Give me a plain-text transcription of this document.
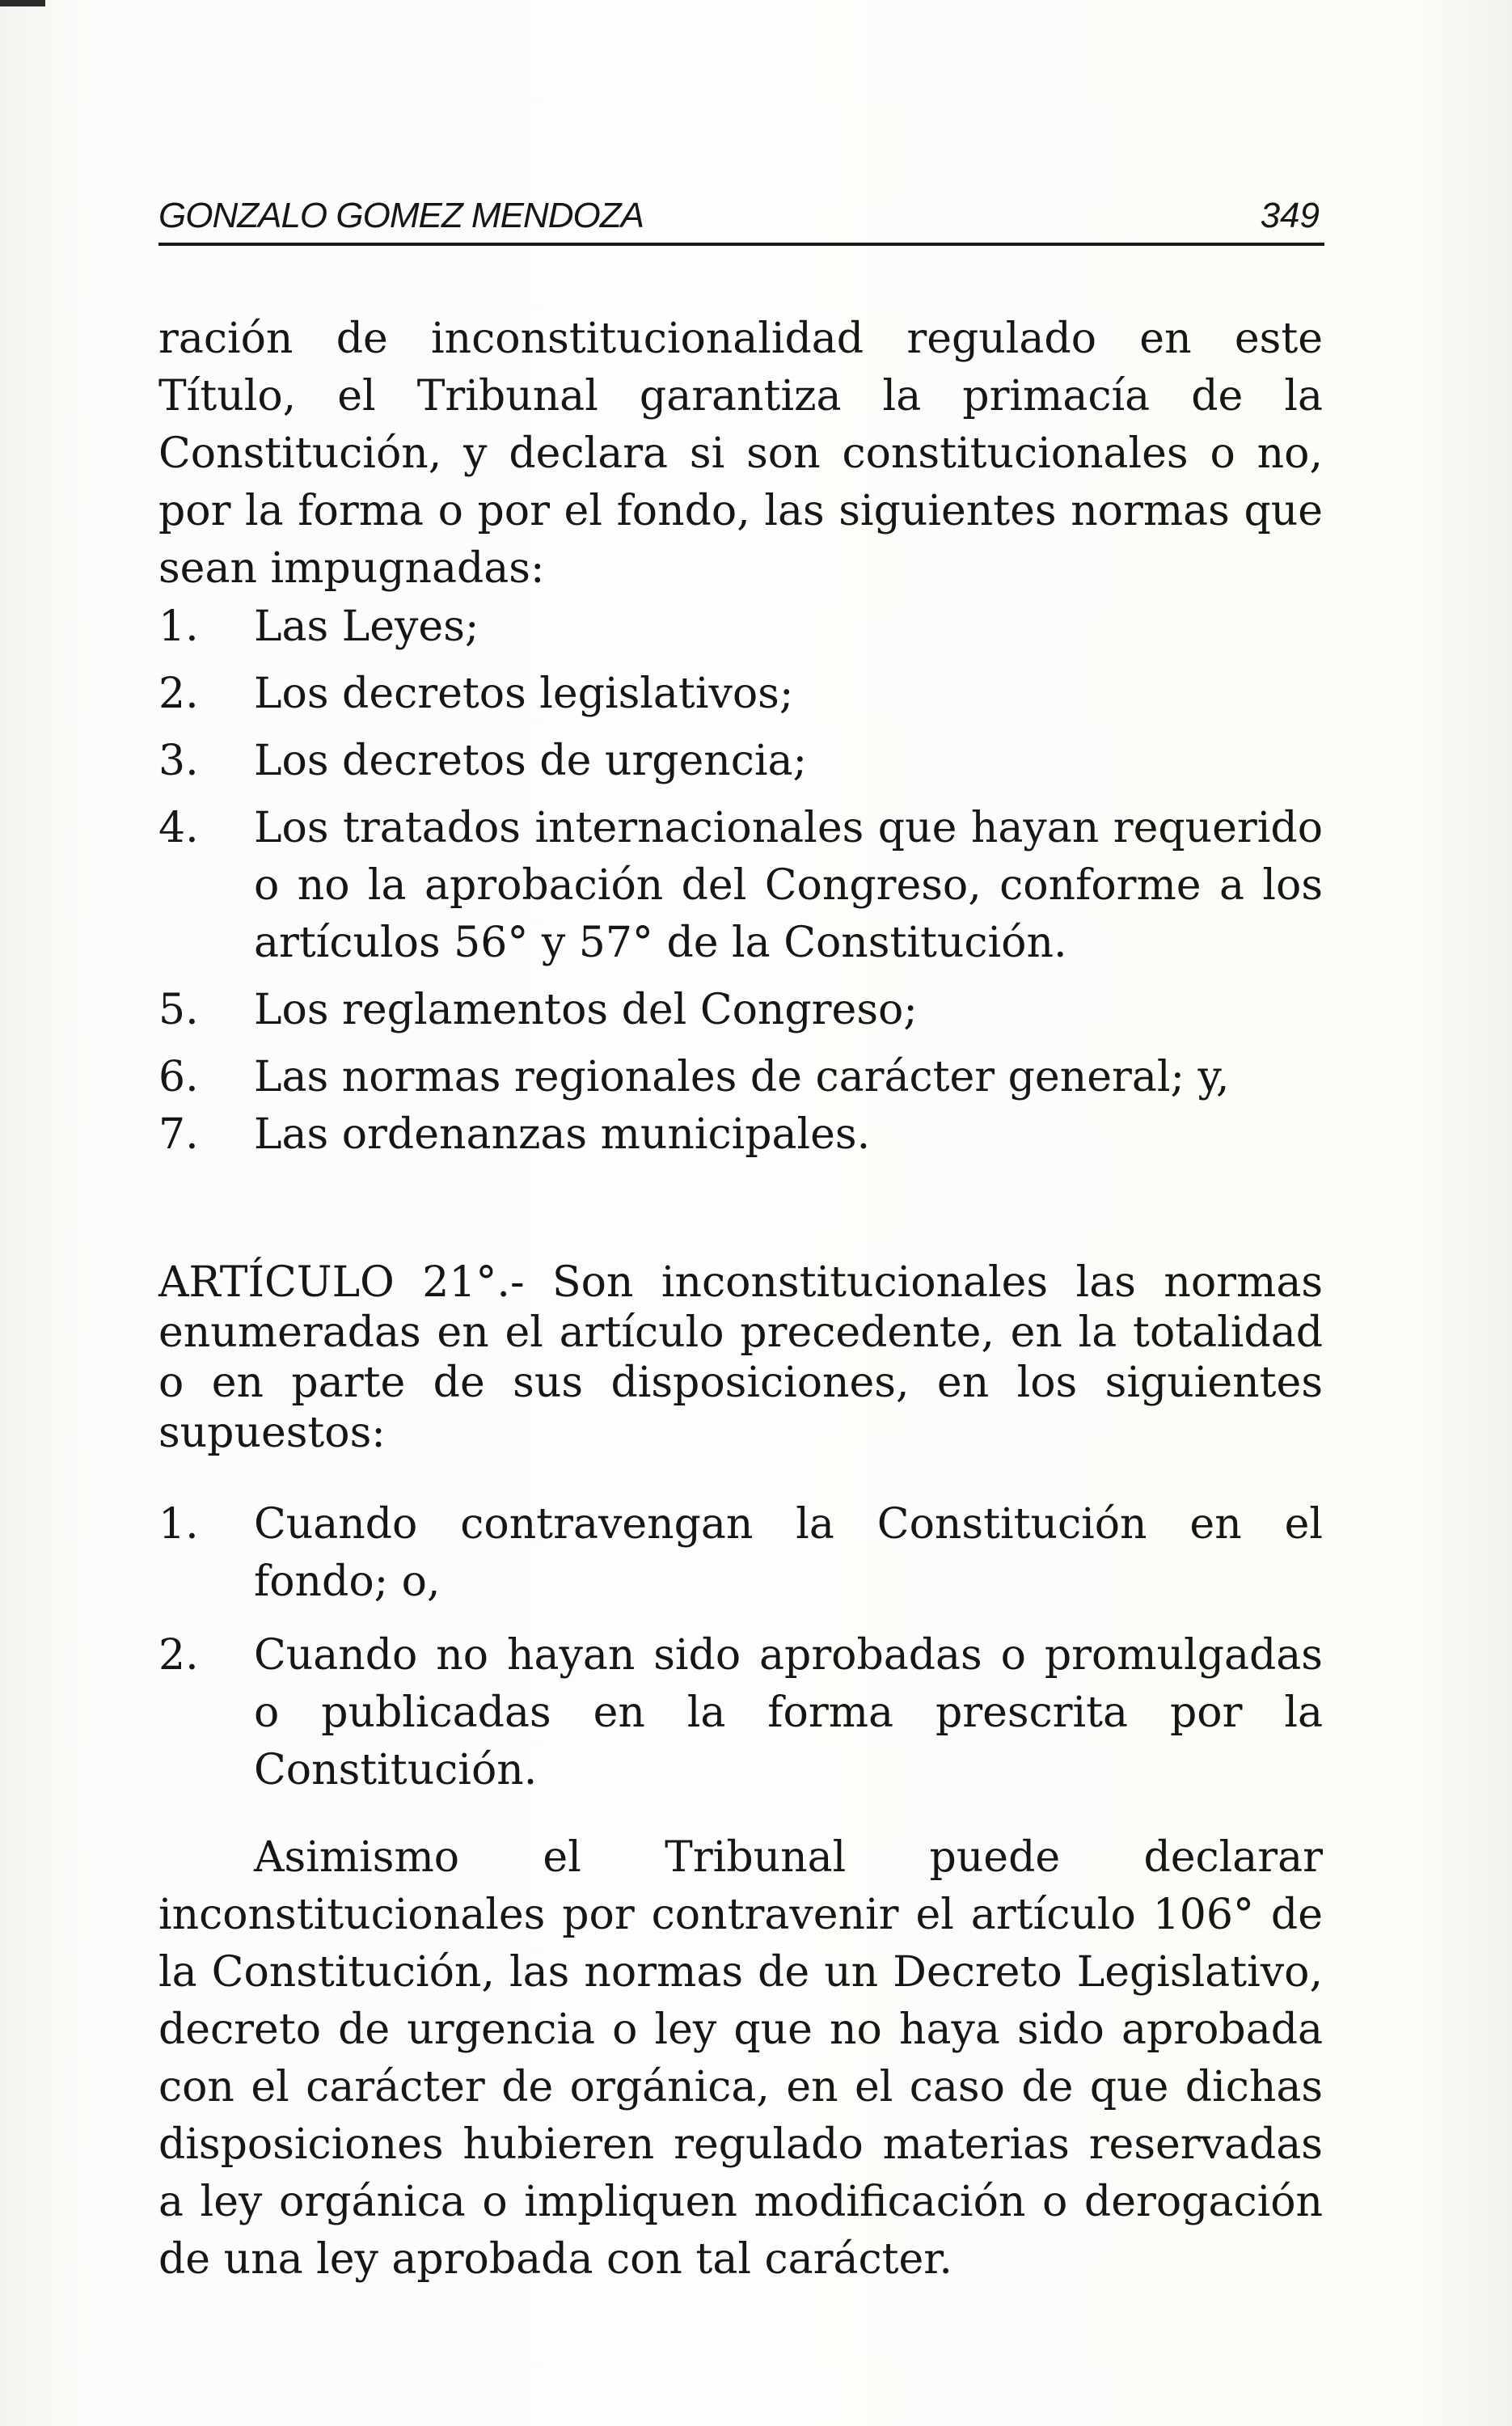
GONZALO GOMEZ MENDOZA	349

ración de inconstitucionalidad regulado en este Título, el Tribunal garantiza la primacía de la Constitución, y declara si son constitucionales o no, por la forma o por el fondo, las siguientes normas que sean impugnadas:

1. Las Leyes;
2. Los decretos legislativos;
3. Los decretos de urgencia;
4. Los tratados internacionales que hayan requerido o no la aprobación del Congreso, conforme a los artículos 56° y 57° de la Constitución.
5. Los reglamentos del Congreso;
6. Las normas regionales de carácter general; y,
7. Las ordenanzas municipales.

ARTÍCULO 21°.- Son inconstitucionales las normas enumeradas en el artículo precedente, en la totalidad o en parte de sus disposiciones, en los siguientes supuestos:

1. Cuando contravengan la Constitución en el fondo; o,
2. Cuando no hayan sido aprobadas o promulgadas o publicadas en la forma prescrita por la Constitución.

Asimismo el Tribunal puede declarar inconstitucionales por contravenir el artículo 106° de la Constitución, las normas de un Decreto Legislativo, decreto de urgencia o ley que no haya sido aprobada con el carácter de orgánica, en el caso de que dichas disposiciones hubieren regulado materias reservadas a ley orgánica o impliquen modificación o derogación de una ley aprobada con tal carácter.
